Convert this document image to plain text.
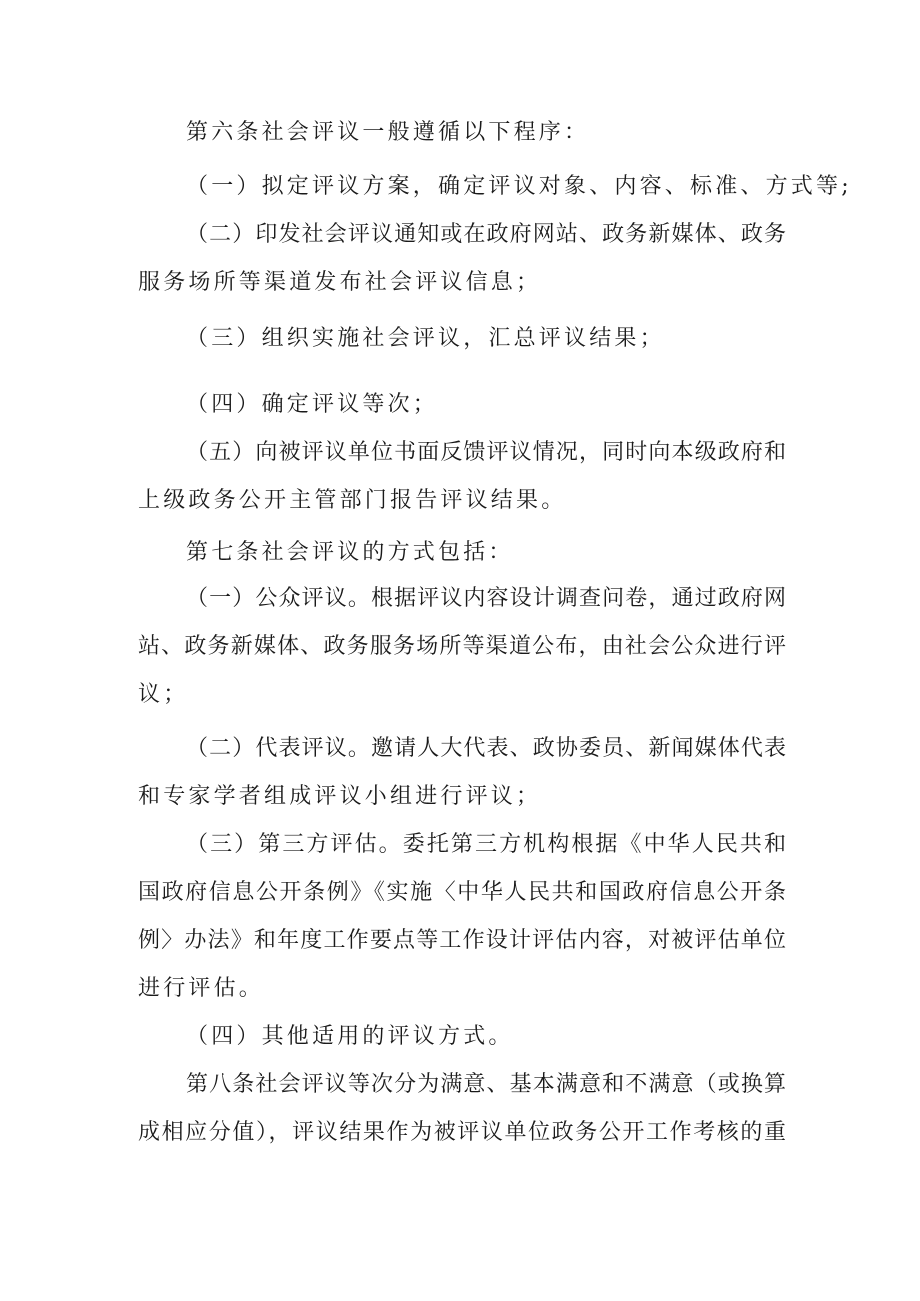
第六条社会评议一般遵循以下程序：
（一）拟定评议方案，确定评议对象、内容、标准、方式等;
（二）印发社会评议通知或在政府网站、政务新媒体、政务
服务场所等渠道发布社会评议信息；
（三）组织实施社会评议，汇总评议结果；
（四）确定评议等次；
（五）向被评议单位书面反馈评议情况，同时向本级政府和
上级政务公开主管部门报告评议结果。
第七条社会评议的方式包括：
（一）公众评议。根据评议内容设计调查问卷，通过政府网
站、政务新媒体、政务服务场所等渠道公布，由社会公众进行评
议；
（二）代表评议。邀请人大代表、政协委员、新闻媒体代表
和专家学者组成评议小组进行评议；
（三）第三方评估。委托第三方机构根据《中华人民共和
国政府信息公开条例》《实施〈中华人民共和国政府信息公开条
例〉办法》和年度工作要点等工作设计评估内容，对被评估单位
进行评估。
（四）其他适用的评议方式。
第八条社会评议等次分为满意、基本满意和不满意（或换算
成相应分值），评议结果作为被评议单位政务公开工作考核的重
